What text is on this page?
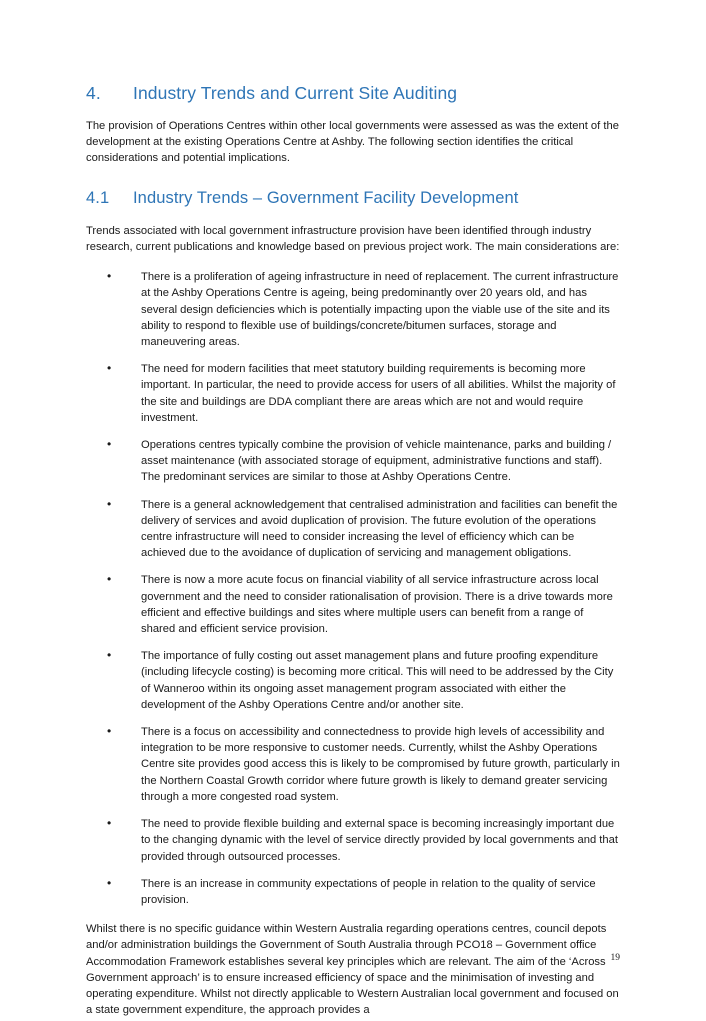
4. Industry Trends and Current Site Auditing

The provision of Operations Centres within other local governments were assessed as was the extent of the development at the existing Operations Centre at Ashby. The following section identifies the critical considerations and potential implications.

4.1 Industry Trends – Government Facility Development

Trends associated with local government infrastructure provision have been identified through industry research, current publications and knowledge based on previous project work. The main considerations are:

• There is a proliferation of ageing infrastructure in need of replacement. The current infrastructure at the Ashby Operations Centre is ageing, being predominantly over 20 years old, and has several design deficiencies which is potentially impacting upon the viable use of the site and its ability to respond to flexible use of buildings/concrete/bitumen surfaces, storage and maneuvering areas.
• The need for modern facilities that meet statutory building requirements is becoming more important. In particular, the need to provide access for users of all abilities. Whilst the majority of the site and buildings are DDA compliant there are areas which are not and would require investment.
• Operations centres typically combine the provision of vehicle maintenance, parks and building / asset maintenance (with associated storage of equipment, administrative functions and staff). The predominant services are similar to those at Ashby Operations Centre.
• There is a general acknowledgement that centralised administration and facilities can benefit the delivery of services and avoid duplication of provision. The future evolution of the operations centre infrastructure will need to consider increasing the level of efficiency which can be achieved due to the avoidance of duplication of servicing and management obligations.
• There is now a more acute focus on financial viability of all service infrastructure across local government and the need to consider rationalisation of provision. There is a drive towards more efficient and effective buildings and sites where multiple users can benefit from a range of shared and efficient service provision.
• The importance of fully costing out asset management plans and future proofing expenditure (including lifecycle costing) is becoming more critical. This will need to be addressed by the City of Wanneroo within its ongoing asset management program associated with either the development of the Ashby Operations Centre and/or another site.
• There is a focus on accessibility and connectedness to provide high levels of accessibility and integration to be more responsive to customer needs. Currently, whilst the Ashby Operations Centre site provides good access this is likely to be compromised by future growth, particularly in the Northern Coastal Growth corridor where future growth is likely to demand greater servicing through a more congested road system.
• The need to provide flexible building and external space is becoming increasingly important due to the changing dynamic with the level of service directly provided by local governments and that provided through outsourced processes.
• There is an increase in community expectations of people in relation to the quality of service provision.

Whilst there is no specific guidance within Western Australia regarding operations centres, council depots and/or administration buildings the Government of South Australia through PCO18 – Government office Accommodation Framework establishes several key principles which are relevant. The aim of the ‘Across Government approach’ is to ensure increased efficiency of space and the minimisation of investing and operating expenditure. Whilst not directly applicable to Western Australian local government and focused on a state government expenditure, the approach provides a

19
